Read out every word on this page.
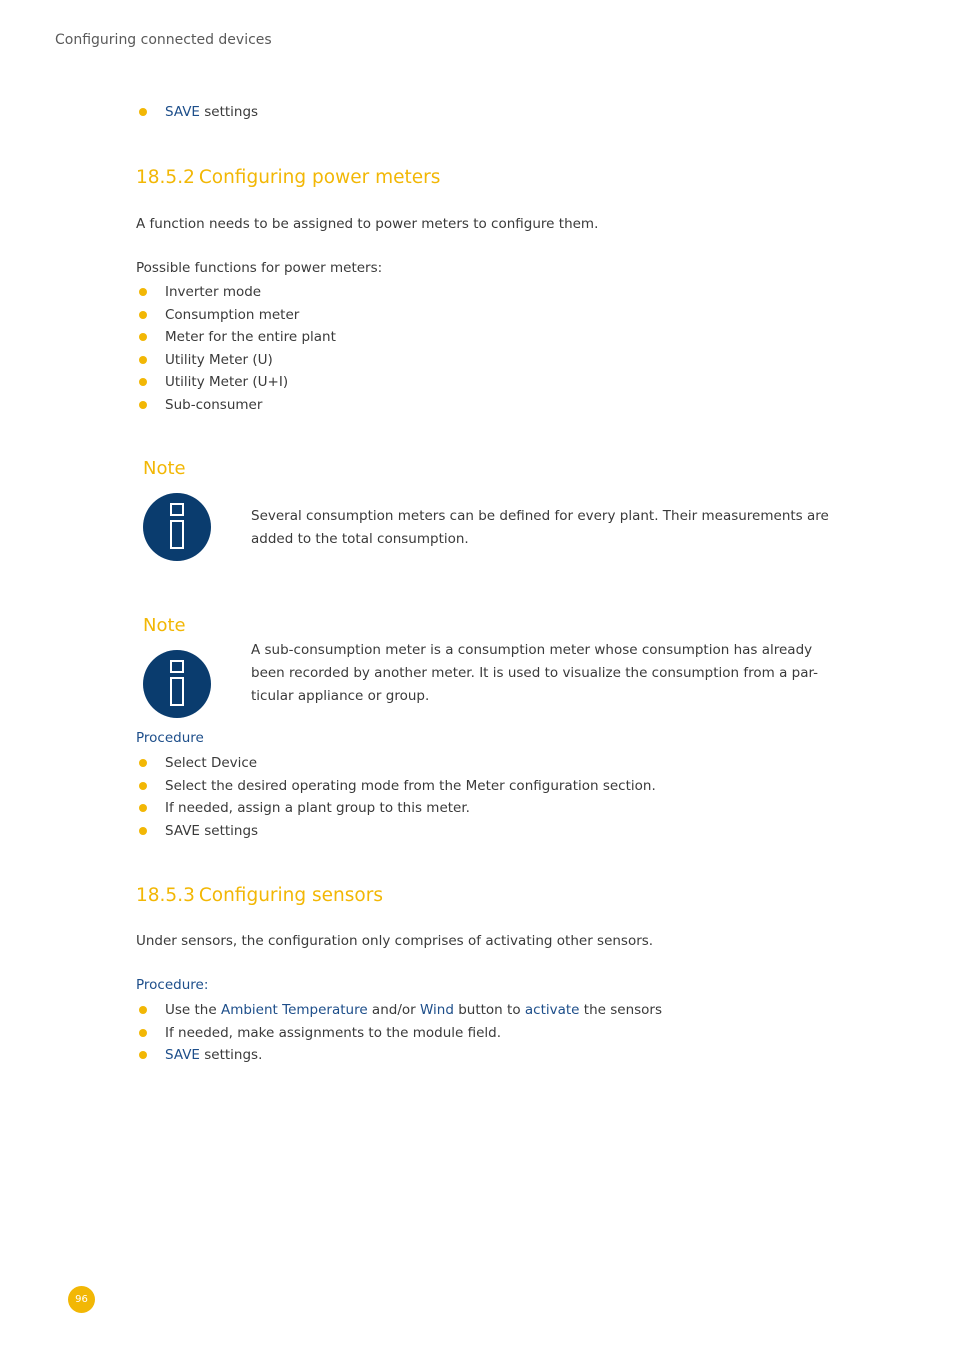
Configuring connected devices
SAVE settings
18.5.2 Configuring power meters
A function needs to be assigned to power meters to configure them.
Possible functions for power meters:
Inverter mode
Consumption meter
Meter for the entire plant
Utility Meter (U)
Utility Meter (U+I)
Sub-consumer
Note
Several consumption meters can be defined for every plant. Their measurements are
added to the total consumption.
Note
A sub-consumption meter is a consumption meter whose consumption has already
been recorded by another meter. It is used to visualize the consumption from a par-
ticular appliance or group.
Procedure
Select Device
Select the desired operating mode from the Meter configuration section.
If needed, assign a plant group to this meter.
SAVE settings
18.5.3 Configuring sensors
Under sensors, the configuration only comprises of activating other sensors.
Procedure:
Use the Ambient Temperature and/or Wind button to activate the sensors
If needed, make assignments to the module field.
SAVE settings.
96
